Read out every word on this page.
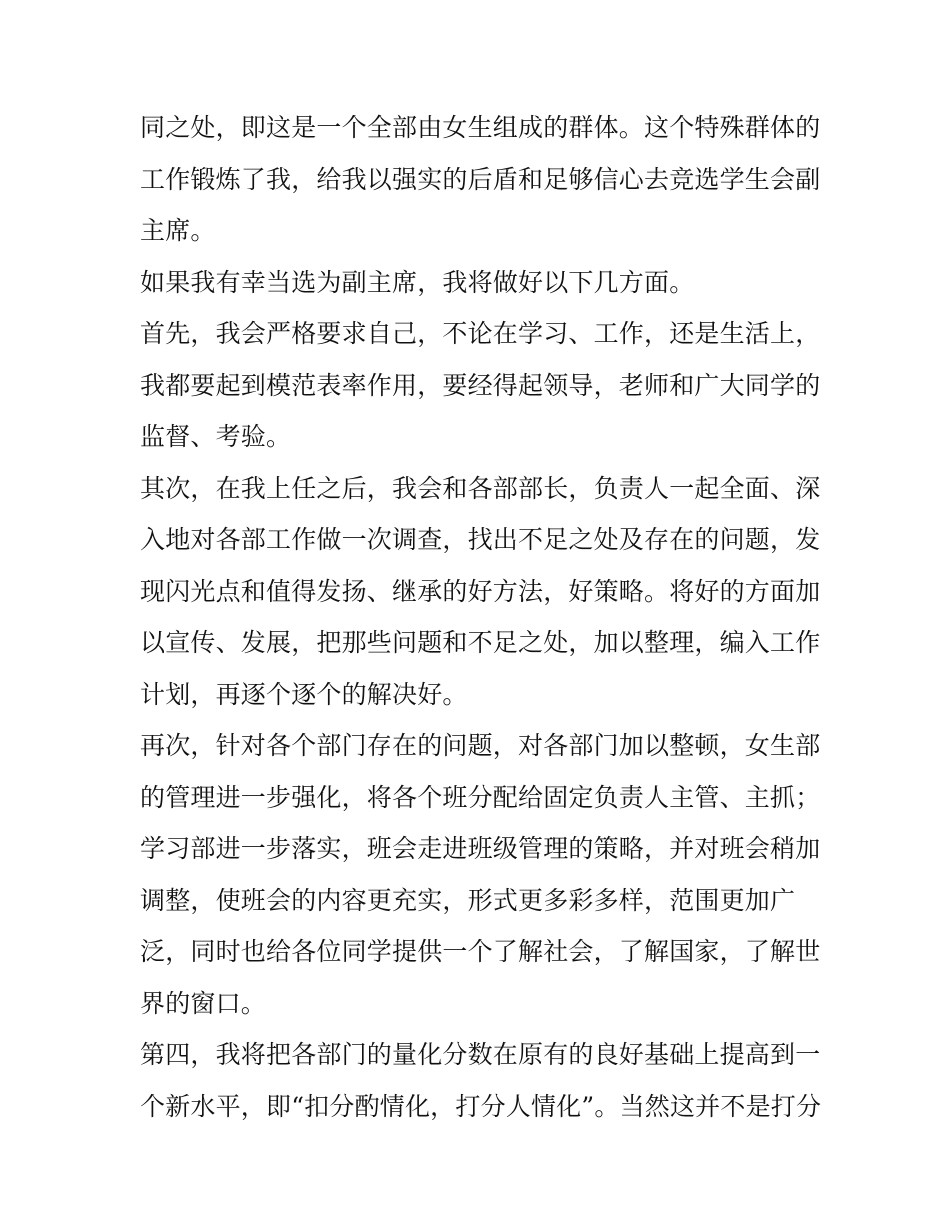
同之处，即这是一个全部由女生组成的群体。这个特殊群体的
工作锻炼了我，给我以强实的后盾和足够信心去竞选学生会副
主席。
如果我有幸当选为副主席，我将做好以下几方面。
首先，我会严格要求自己，不论在学习、工作，还是生活上，
我都要起到模范表率作用，要经得起领导，老师和广大同学的
监督、考验。
其次，在我上任之后，我会和各部部长，负责人一起全面、深
入地对各部工作做一次调查，找出不足之处及存在的问题，发
现闪光点和值得发扬、继承的好方法，好策略。将好的方面加
以宣传、发展，把那些问题和不足之处，加以整理，编入工作
计划，再逐个逐个的解决好。
再次，针对各个部门存在的问题，对各部门加以整顿，女生部
的管理进一步强化，将各个班分配给固定负责人主管、主抓；
学习部进一步落实，班会走进班级管理的策略，并对班会稍加
调整，使班会的内容更充实，形式更多彩多样，范围更加广
泛，同时也给各位同学提供一个了解社会，了解国家，了解世
界的窗口。
第四，我将把各部门的量化分数在原有的良好基础上提高到一
个新水平，即“扣分酌情化，打分人情化”。当然这并不是打分
